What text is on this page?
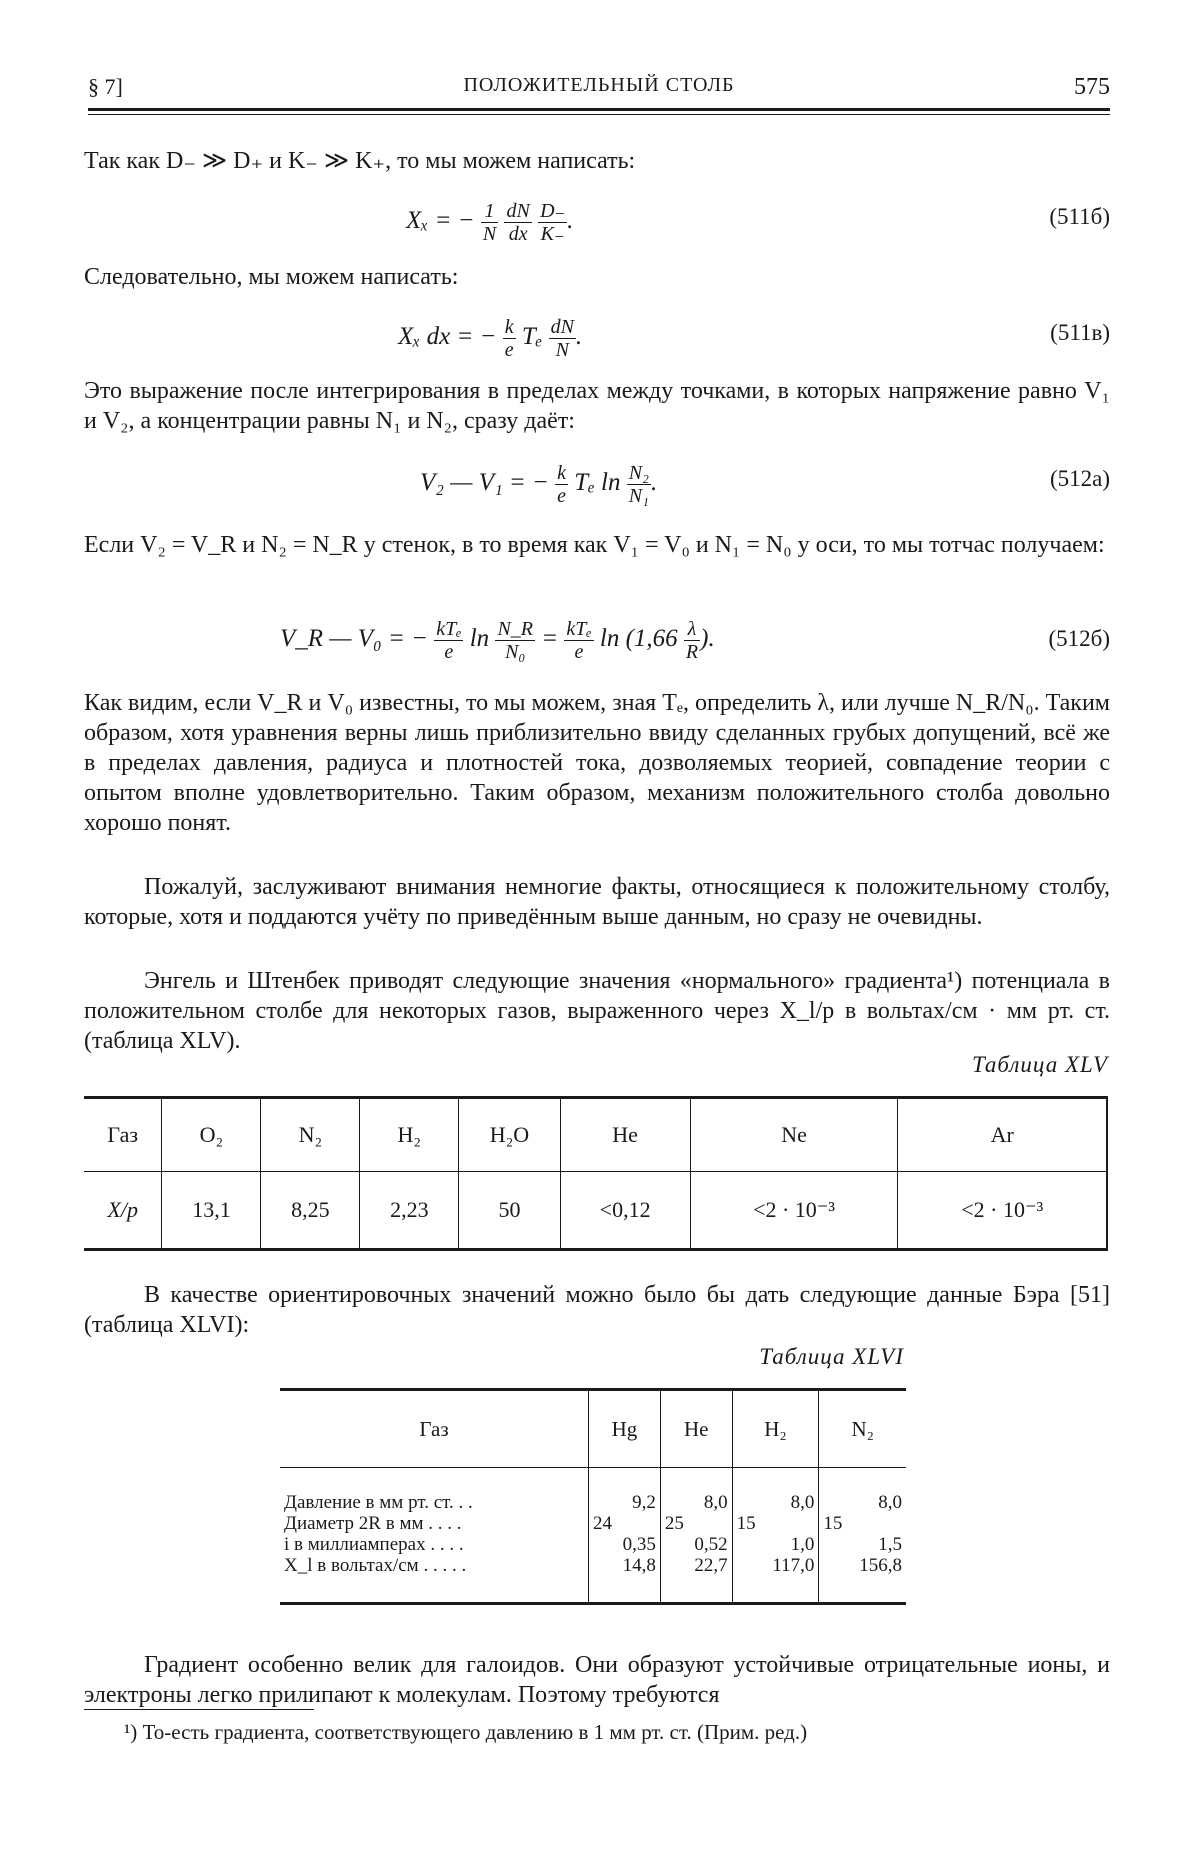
§ 7]	ПОЛОЖИТЕЛЬНЫЙ СТОЛБ	575
Так как D₋ ≫ D₊ и K₋ ≫ K₊, то мы можем написать:
Xₓ = − $\frac{1}{N}$
$\frac{dN}{dx}$
$\frac{D_-}{K_-}$ .	(511б)
Следовательно, мы можем написать:
Xₓ dx = − $\frac{k}{e}$ Tₑ $\frac{dN}{N}$ .	(511в)
Это выражение после интегрирования в пределах между точками, в которых напряжение равно V₁ и V₂, а концентрации равны N₁ и N₂, сразу даёт:
V₂ — V₁ = − $\frac{k}{e}$ Tₑ $\ln \frac{\text{N₂}}{\text{N₁}}$ .	(512а)
Если V₂ = V_R и N₂ = N_R у стенок, в то время как V₁ = V₀ и N₁ = N₀ у оси, то мы тотчас получаем:
V_R — V₀ = − $\frac{\text{kTₑ}}{e}$ $\ln \frac{N\_R}{\text{N₀}} = \frac{\text{kTₑ}}{e}$ $\ln (1,66 \frac{\lambda}{R}$ ).	(512б)
Как видим, если V_R и V₀ известны, то мы можем, зная Tₑ, определить λ, или лучше N_R/N₀. Таким образом, хотя уравнения верны лишь приблизительно ввиду сделанных грубых допущений, всё же в пределах давления, радиуса и плотностей тока, дозволяемых теорией, совпадение теории с опытом вполне удовлетворительно. Таким образом, механизм положительного столба довольно хорошо понят.
Пожалуй, заслуживают внимания немногие факты, относящиеся к положительному столбу, которые, хотя и поддаются учёту по приведённым выше данным, но сразу не очевидны.
Энгель и Штенбек приводят следующие значения «нормального» градиента¹) потенциала в положительном столбе для некоторых газов, выраженного через X_l/p в вольтах/см · мм рт. ст. (таблица XLV).
Таблица XLV
Газ	O₂	N₂	H₂	H₂O	He	Ne	Ar
X/p	13,1	8,25	2,23	50	<0,12	<2 · 10⁻³	<2 · 10⁻³
В качестве ориентировочных значений можно было бы дать следующие данные Бэра [51] (таблица XLVI):
Таблица XLVI
Газ	Hg	He	H₂	N₂
Давление в мм рт. ст. . .	9,2	8,0	8,0	8,0
Диаметр 2R в мм . . . .	24	25	15	15
i в миллиамперах . . . .	0,35	0,52	1,0	1,5
X_l в вольтах/см . . . . .	14,8	22,7	117,0	156,8
Градиент особенно велик для галоидов. Они образуют устойчивые отрицательные ионы, и электроны легко прилипают к молекулам. Поэтому требуются
¹) То-есть градиента, соответствующего давлению в 1 мм рт. ст. (Прим. ред.)
